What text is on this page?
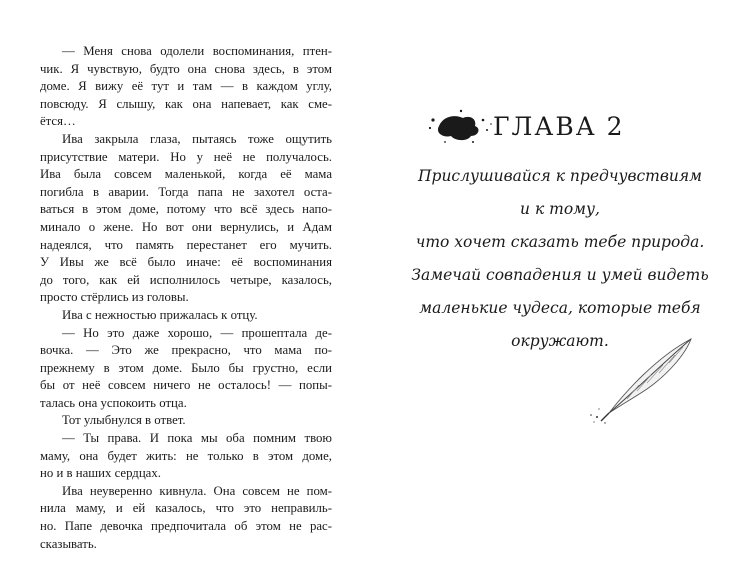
— Меня снова одолели воспоминания, птен-
чик. Я чувствую, будто она снова здесь, в этом
доме. Я вижу её тут и там — в каждом углу,
повсюду. Я слышу, как она напевает, как сме-
ётся…
Ива закрыла глаза, пытаясь тоже ощутить
присутствие матери. Но у неё не получалось.
Ива была совсем маленькой, когда её мама
погибла в аварии. Тогда папа не захотел оста-
ваться в этом доме, потому что всё здесь напо-
минало о жене. Но вот они вернулись, и Адам
надеялся, что память перестанет его мучить.
У Ивы же всё было иначе: её воспоминания
до того, как ей исполнилось четыре, казалось,
просто стёрлись из головы.
Ива с нежностью прижалась к отцу.
— Но это даже хорошо, — прошептала де-
вочка. — Это же прекрасно, что мама по-
прежнему в этом доме. Было бы грустно, если
бы от неё совсем ничего не осталось! — попы-
талась она успокоить отца.
Тот улыбнулся в ответ.
— Ты права. И пока мы оба помним твою
маму, она будет жить: не только в этом доме,
но и в наших сердцах.
Ива неуверенно кивнула. Она совсем не пом-
нила маму, и ей казалось, что это неправиль-
но. Папе девочка предпочитала об этом не рас-
сказывать.
ГЛАВА 2
Прислушивайся к предчувствиям
и к тому,
что хочет сказать тебе природа.
Замечай совпадения и умей видеть
маленькие чудеса, которые тебя
окружают.
